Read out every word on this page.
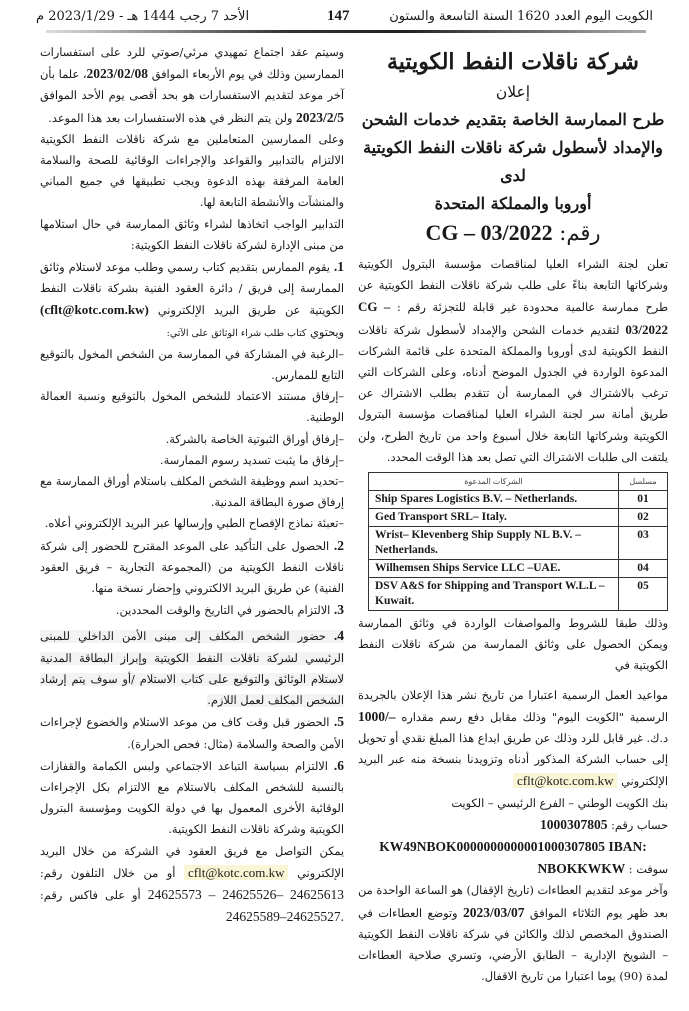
الكويت اليوم العدد 1620 السنة التاسعة والستون
147
الأحد 7 رجب 1444 هـ - 2023/1/29 م
شركة ناقلات النفط الكويتية
إعلان
طرح الممارسة الخاصة بتقديم خدمات الشحن
والإمداد لأسطول شركة ناقلات النفط الكويتية لدى
أوروبا والمملكة المتحدة
رقم: CG – 03/2022

تعلن لجنة الشراء العليا لمناقصات مؤسسة البترول الكويتية وشركاتها التابعة بناءً على طلب شركة ناقلات النفط الكويتية عن طرح ممارسة عالمية محدودة غير قابلة للتجزئة رقم : CG – 03/2022 لتقديم خدمات الشحن والإمداد لأسطول شركة ناقلات النفط الكويتية لدى أوروبا والمملكة المتحدة على قائمة الشركات المدعوة الواردة في الجدول الموضح أدناه، وعلى الشركات التي ترغب بالاشتراك في الممارسة أن تتقدم بطلب الاشتراك عن طريق أمانة سر لجنة الشراء العليا لمناقصات مؤسسة البترول الكويتية وشركاتها التابعة خلال أسبوع واحد من تاريخ الطرح، ولن يلتفت الى طلبات الاشتراك التي تصل بعد هذا الوقت المحدد.

مسلسل	الشركات المدعوة
01	Ship Spares Logistics B.V. – Netherlands.
02	Ged Transport SRL– Italy.
03	Wrist– Klevenberg Ship Supply NL B.V. – Netherlands.
04	Wilhemsen Ships Service LLC –UAE.
05	DSV A&S for Shipping and Transport W.L.L – Kuwait.

وذلك طبقا للشروط والمواصفات الواردة في وثائق الممارسة ويمكن الحصول على وثائق الممارسة من شركة ناقلات النفط الكويتية في

مواعيد العمل الرسمية اعتبارا من تاريخ نشر هذا الإعلان بالجريدة الرسمية "الكويت اليوم" وذلك مقابل دفع رسم مقداره 1000/– د.ك. غير قابل للرد وذلك عن طريق ايداع هذا المبلغ نقدي أو تحويل إلى حساب الشركة المذكور أدناه وتزويدنا بنسخة منه عبر البريد الإلكتروني cflt@kotc.com.kw

بنك الكويت الوطني – الفرع الرئيسي – الكويت

حساب رقم: 1000307805

IBAN: KW49NBOK0000000000001000307805

سوفت : NBOKKWKW

وآخر موعد لتقديم العطاءات (تاريخ الإقفال) هو الساعة الواحدة من بعد ظهر يوم الثلاثاء الموافق 2023/03/07 وتوضع العطاءات في الصندوق المخصص لذلك والكائن في شركة ناقلات النفط الكويتية – الشويخ الإدارية – الطابق الأرضي، وتسري صلاحية العطاءات لمدة (90) يوما اعتبارا من تاريخ الاقفال.

وسيتم عقد اجتماع تمهيدي مرئي/صوتي للرد على استفسارات الممارسين وذلك في يوم الأربعاء الموافق 2023/02/08، علما بأن آخر موعد لتقديم الاستفسارات هو بحد أقصى يوم الأحد الموافق 2023/2/5 ولن يتم النظر في هذه الاستفسارات بعد هذا الموعد.

وعلى الممارسين المتعاملين مع شركة ناقلات النفط الكويتية الالتزام بالتدابير والقواعد والإجراءات الوقائية للصحة والسلامة العامة المرفقة بهذه الدعوة ويجب تطبيقها في جميع المباني والمنشآت والأنشطة التابعة لها.

التدابير الواجب اتخاذها لشراء وثائق الممارسة في حال استلامها من مبنى الإدارة لشركة ناقلات النفط الكويتية:

1. يقوم الممارس بتقديم كتاب رسمي وطلب موعد لاستلام وثائق الممارسة إلى فريق / دائرة العقود الفنية بشركة ناقلات النفط الكويتية عن طريق البريد الإلكتروني (cflt@kotc.com.kw) ويحتوي كتاب طلب شراء الوثائق على الآتي:

–الرغبة في المشاركة في الممارسة من الشخص المخول بالتوقيع التابع للممارس.

–إرفاق مستند الاعتماد للشخص المخول بالتوقيع ونسبة العمالة الوطنية.

–إرفاق أوراق الثبوتية الخاصة بالشركة.

–إرفاق ما يثبت تسديد رسوم الممارسة.

–تحديد اسم ووظيفة الشخص المكلف باستلام أوراق الممارسة مع إرفاق صورة البطاقة المدنية.

–تعبئة نماذج الإفصاح الطبي وإرسالها عبر البريد الإلكتروني أعلاه.

2. الحصول على التأكيد على الموعد المقترح للحضور إلى شركة ناقلات النفط الكويتية من (المجموعة التجارية – فريق العقود الفنية) عن طريق البريد الالكتروني وإحضار نسخة منها.

3. الالتزام بالحضور في التاريخ والوقت المحددين.

4. حضور الشخص المكلف إلى مبنى الأمن الداخلي للمبنى الرئيسي لشركة ناقلات النفط الكويتية وإبراز البطاقة المدنية لاستلام الوثائق والتوقيع على كتاب الاستلام /أو سوف يتم إرشاد الشخص المكلف لعمل اللازم.

5. الحضور قبل وقت كاف من موعد الاستلام والخضوع لإجراءات الأمن والصحة والسلامة (مثال: فحص الحرارة).

6. الالتزام بسياسة التباعد الاجتماعي ولبس الكمامة والقفازات بالنسبة للشخص المكلف بالاستلام مع الالتزام بكل الإجراءات الوقائية الأخرى المعمول بها في دولة الكويت ومؤسسة البترول الكويتية وشركة ناقلات النفط الكويتية.

يمكن التواصل مع فريق العقود في الشركة من خلال البريد الإلكتروني cflt@kotc.com.kw أو من خلال التلفون رقم: 24625573 – 24625526– 24625613 أو على فاكس رقم: 24625589–24625527.
